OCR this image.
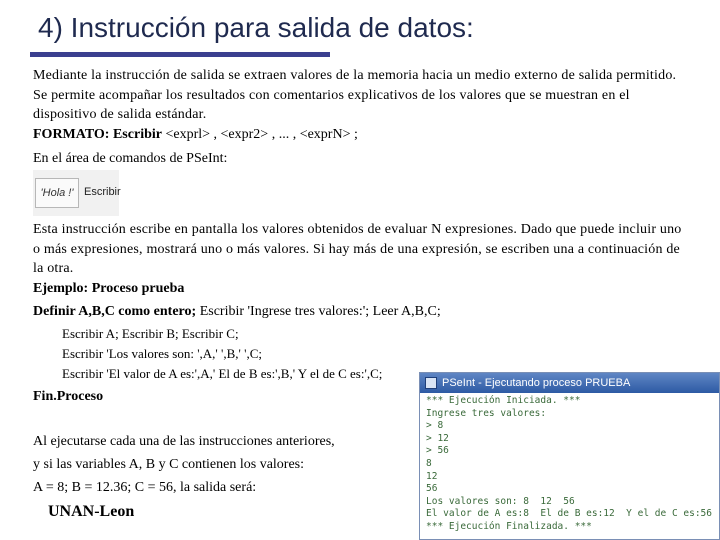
4) Instrucción para salida de datos:
Mediante la instrucción de salida se extraen valores de la memoria hacia un medio externo de salida permitido. Se permite acompañar los resultados con comentarios explicativos de los valores que se muestran en el dispositivo de salida estándar.
FORMATO: Escribir <exprl> , <expr2> , ... , <exprN> ;
En el área de comandos de PSeInt:
'Hola !' Escribir
Esta instrucción escribe en pantalla los valores obtenidos de evaluar N expresiones. Dado que puede incluir uno o más expresiones, mostrará uno o más valores. Si hay más de una expresión, se escriben una a continuación de la otra.
Ejemplo: Proceso prueba
Definir A,B,C como entero; Escribir 'Ingrese tres valores:'; Leer A,B,C;
Escribir A; Escribir B; Escribir C;
Escribir 'Los valores son: ',A,' ',B,' ',C;
Escribir 'El valor de A es:',A,' El de B es:',B,' Y el de C es:',C;
Fin.Proceso
Al ejecutarse cada una de las instrucciones anteriores,
y si las variables A, B y C contienen los valores:
A = 8; B = 12.36; C = 56, la salida será:
UNAN-Leon
PSeInt - Ejecutando proceso PRUEBA
*** Ejecución Iniciada. ***
Ingrese tres valores:
> 8
> 12
> 56
8
12
56
Los valores son: 8  12  56
El valor de A es:8  El de B es:12  Y el de C es:56
*** Ejecución Finalizada. ***
